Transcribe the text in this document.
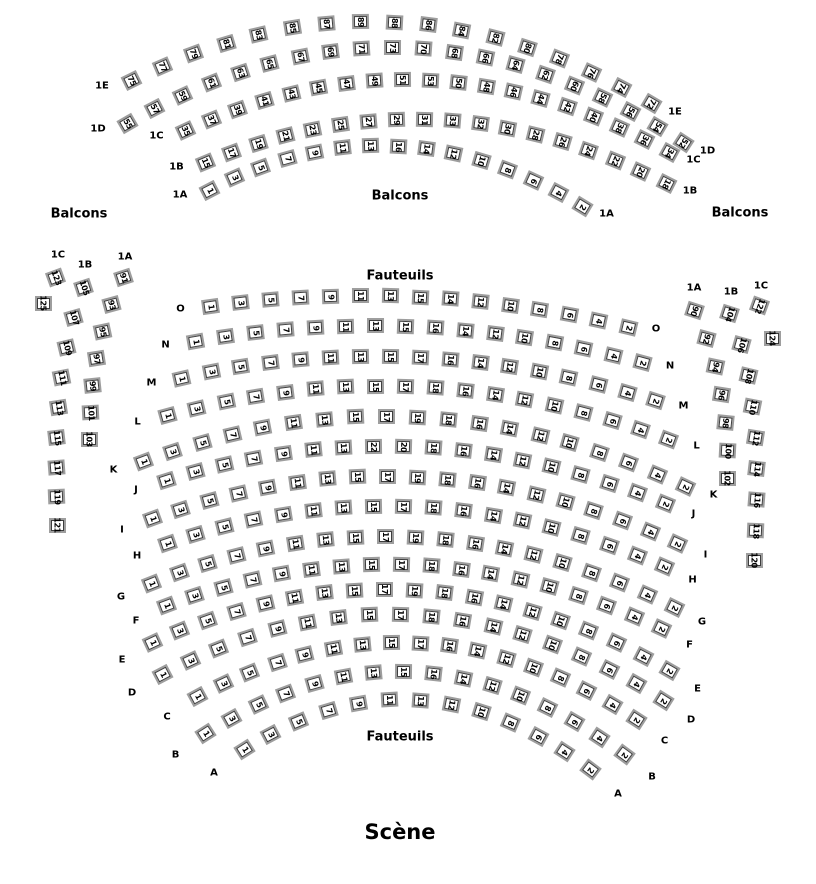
Balcons
Balcons
Balcons
Fauteuils
Fauteuils
Scène
75
77
79
81
83
85	87	89	88	86	84
82
80
78
76
74
72
1E
1E
55
57
59
61
63
65
67 69	71	73	70	68 66
64
62
60
58
56
54
52
1D
1D
35
37
39
41
43 45 47 49 51 53 50 48 46
44
42
40
38
36
34
1C
1C
15
17
19
21
23 25 27 29 31 33 32 30
28
26
24
22
20
18
1B
1B
1
3
5
7
9 11 13 16 14 12
10
8
6
4
2
1A
1A
1
3	5	7	9	11	13	15	14	12 10 8
6
4
2
O
O
1
3
5	7	9	11	13	15	16	14 12 10 8
6
4
2
N
N
1
3
5
7
9	11	13	15	17	16	14 12 10
8
6
4
2
M
M
1
3
5
7
9	11	13	15	17	18	16 14 12
10
8
6
4
2
L
L
1
3
5
7
9	11	13	15	17	19	18	16 14
12
10
8
6
4
2
K
K
1
3
5
7
9	11	13	22	20	18	16 14 12
10
8
6
4
2
J
J
1
3
5
7
9 11 13	15	17	19	18 16 14
12
10
8
6
4
2
I
I
1
3
5
7
9	11	13	15	17	18	16 14 12
10
8
6
4
2
H
H
1
3
5
7
9 11 13	15	17	19	18 16 14
12
10
8
6
4
2
G
G
1
3
5
7
9 11	13	15	17	18	16 14
12
10
8
6
4
2
F
F
1
3
5
7
9
11 13	15	17	19	18 16
14
12
10
8
6
4
2
E
E
1
3
5
7
9
11	13	15	17	18	16
14
12
10
8
6
4
2
D
D
1
3
5
7
9
11 13 15 17 16 14
12
10
8
6
4
2
C
C
1
3
5
7
9
11 13	15	16 14
12
10
8
6
4
2
B
B
1
3
5
7
9	11	13	12
10
8
6
4
2
A
A
1C
123
125
1B
105
107
109
111
113
115
117
119
121
1A
91
93
95
97
99
101
103
1A
90
92
94
96
98
100
102
1B
104
106
108
110
112
114
116
118
120
1C
122
124
